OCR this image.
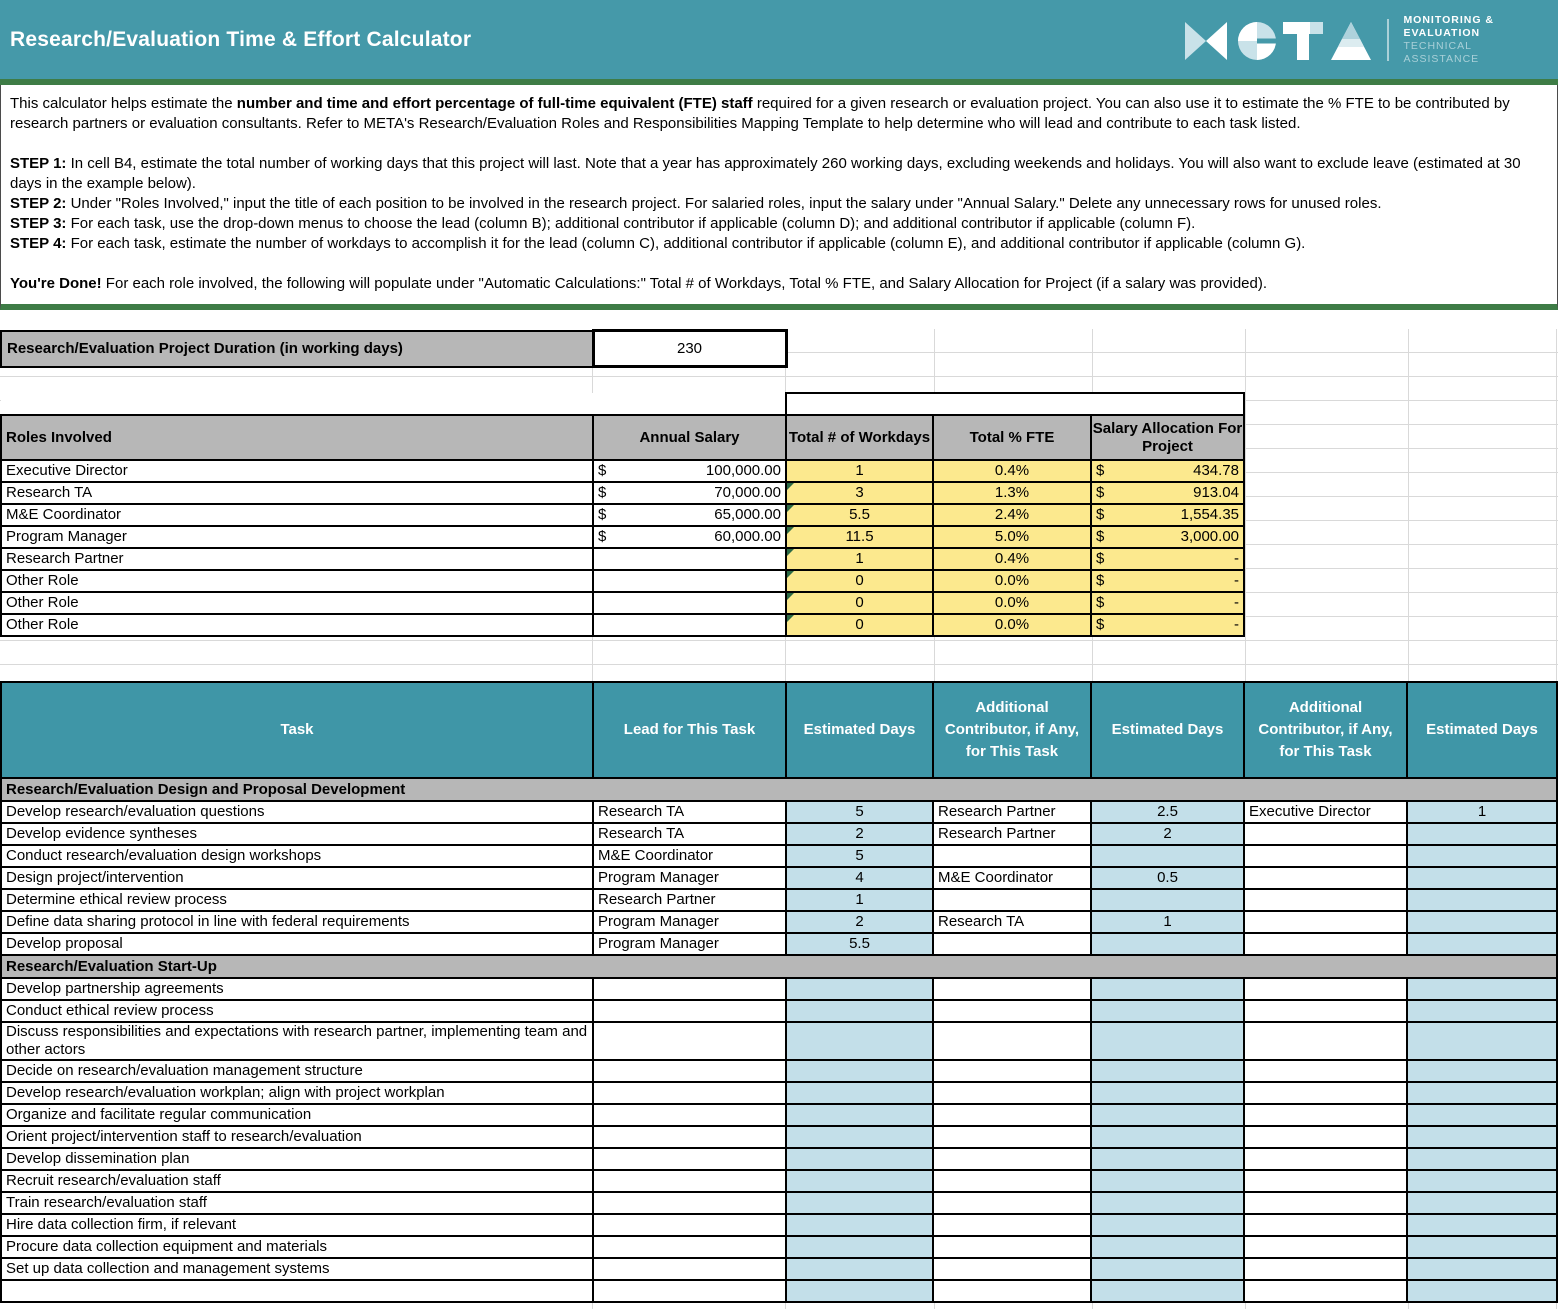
Research/Evaluation Time & Effort Calculator
MONITORING &
EVALUATION
TECHNICAL
ASSISTANCE
This calculator helps estimate the number and time and effort percentage of full-time equivalent (FTE) staff required for a given research or evaluation project. You can also use it to estimate the % FTE to be contributed by research partners or evaluation consultants. Refer to META's Research/Evaluation Roles and Responsibilities Mapping Template to help determine who will lead and contribute to each task listed.
STEP 1: In cell B4, estimate the total number of working days that this project will last. Note that a year has approximately 260 working days, excluding weekends and holidays. You will also want to exclude leave (estimated at 30 days in the example below).
STEP 2: Under "Roles Involved," input the title of each position to be involved in the research project. For salaried roles, input the salary under "Annual Salary." Delete any unnecessary rows for unused roles.
STEP 3: For each task, use the drop-down menus to choose the lead (column B); additional contributor if applicable (column D); and additional contributor if applicable (column F).
STEP 4: For each task, estimate the number of workdays to accomplish it for the lead (column C), additional contributor if applicable (column E), and additional contributor if applicable (column G).
You're Done! For each role involved, the following will populate under "Automatic Calculations:" Total # of Workdays, Total % FTE, and Salary Allocation for Project (if a salary was provided).
Research/Evaluation Project Duration (in working days)	230
		Automatic Calculations		
Roles Involved	Annual Salary	Total # of Workdays	Total % FTE	Salary Allocation For Project
Executive Director	$ 100,000.00	1	0.4%	$ 434.78

Research TA	$ 70,000.00	3	1.3%	$ 913.04

M&E Coordinator	$ 65,000.00	5.5	2.4%	$ 1,554.35

Program Manager	$ 60,000.00	11.5	5.0%	$ 3,000.00

Research Partner		1	0.4%	$ -

Other Role		0	0.0%	$ -

Other Role		0	0.0%	$ -

Other Role		0	0.0%	$ -
Task	Lead for This Task	Estimated Days	Additional Contributor, if Any, for This Task	Estimated Days	Additional Contributor, if Any, for This Task	Estimated Days
Research/Evaluation Design and Proposal Development						
Develop research/evaluation questions	Research TA	5	Research Partner	2.5	Executive Director	1
Develop evidence syntheses	Research TA	2	Research Partner	2		
Conduct research/evaluation design workshops	M&E Coordinator	5				
Design project/intervention	Program Manager	4	M&E Coordinator	0.5		
Determine ethical review process	Research Partner	1				
Define data sharing protocol in line with federal requirements	Program Manager	2	Research TA	1		
Develop proposal	Program Manager	5.5				
Research/Evaluation Start-Up						
Develop partnership agreements						
Conduct ethical review process						
Discuss responsibilities and expectations with research partner, implementing team and other actors						
Decide on research/evaluation management structure						
Develop research/evaluation workplan; align with project workplan						
Organize and facilitate regular communication						
Orient project/intervention staff to research/evaluation						
Develop dissemination plan						
Recruit research/evaluation staff						
Train research/evaluation staff						
Hire data collection firm, if relevant						
Procure data collection equipment and materials						
Set up data collection and management systems						
